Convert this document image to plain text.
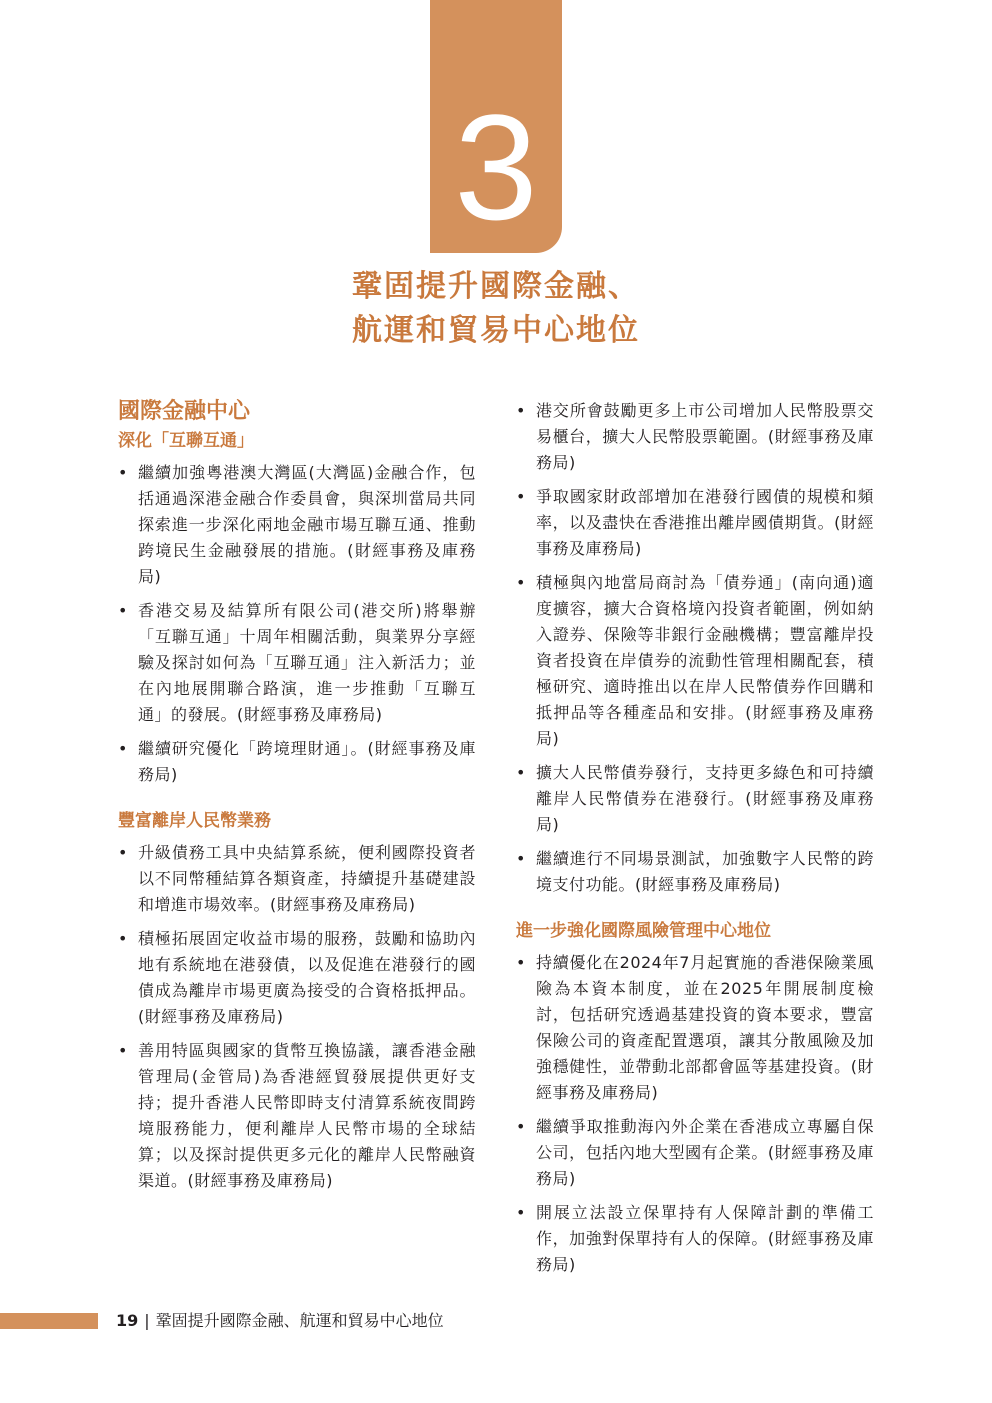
3
鞏固提升國際金融、
航運和貿易中心地位
國際金融中心
深化「互聯互通」
• 繼續加強粵港澳大灣區(大灣區)金融合作，包括通過深港金融合作委員會，與深圳當局共同探索進一步深化兩地金融市場互聯互通、推動跨境民生金融發展的措施。(財經事務及庫務局)
• 香港交易及結算所有限公司(港交所)將舉辦「互聯互通」十周年相關活動，與業界分享經驗及探討如何為「互聯互通」注入新活力；並在內地展開聯合路演，進一步推動「互聯互通」的發展。(財經事務及庫務局)
• 繼續研究優化「跨境理財通」。(財經事務及庫務局)
豐富離岸人民幣業務
• 升級債務工具中央結算系統，便利國際投資者以不同幣種結算各類資產，持續提升基礎建設和增進市場效率。(財經事務及庫務局)
• 積極拓展固定收益市場的服務，鼓勵和協助內地有系統地在港發債，以及促進在港發行的國債成為離岸市場更廣為接受的合資格抵押品。(財經事務及庫務局)
• 善用特區與國家的貨幣互換協議，讓香港金融管理局(金管局)為香港經貿發展提供更好支持；提升香港人民幣即時支付清算系統夜間跨境服務能力，便利離岸人民幣市場的全球結算；以及探討提供更多元化的離岸人民幣融資渠道。(財經事務及庫務局)
• 港交所會鼓勵更多上市公司增加人民幣股票交易櫃台，擴大人民幣股票範圍。(財經事務及庫務局)
• 爭取國家財政部增加在港發行國債的規模和頻率，以及盡快在香港推出離岸國債期貨。(財經事務及庫務局)
• 積極與內地當局商討為「債券通」(南向通)適度擴容，擴大合資格境內投資者範圍，例如納入證券、保險等非銀行金融機構；豐富離岸投資者投資在岸債券的流動性管理相關配套，積極研究、適時推出以在岸人民幣債券作回購和抵押品等各種產品和安排。(財經事務及庫務局)
• 擴大人民幣債券發行，支持更多綠色和可持續離岸人民幣債券在港發行。(財經事務及庫務局)
• 繼續進行不同場景測試，加強數字人民幣的跨境支付功能。(財經事務及庫務局)
進一步強化國際風險管理中心地位
• 持續優化在2024年7月起實施的香港保險業風險為本資本制度，並在2025年開展制度檢討，包括研究透過基建投資的資本要求，豐富保險公司的資產配置選項，讓其分散風險及加強穩健性，並帶動北部都會區等基建投資。(財經事務及庫務局)
• 繼續爭取推動海內外企業在香港成立專屬自保公司，包括內地大型國有企業。(財經事務及庫務局)
• 開展立法設立保單持有人保障計劃的準備工作，加強對保單持有人的保障。(財經事務及庫務局)
19 | 鞏固提升國際金融、航運和貿易中心地位
